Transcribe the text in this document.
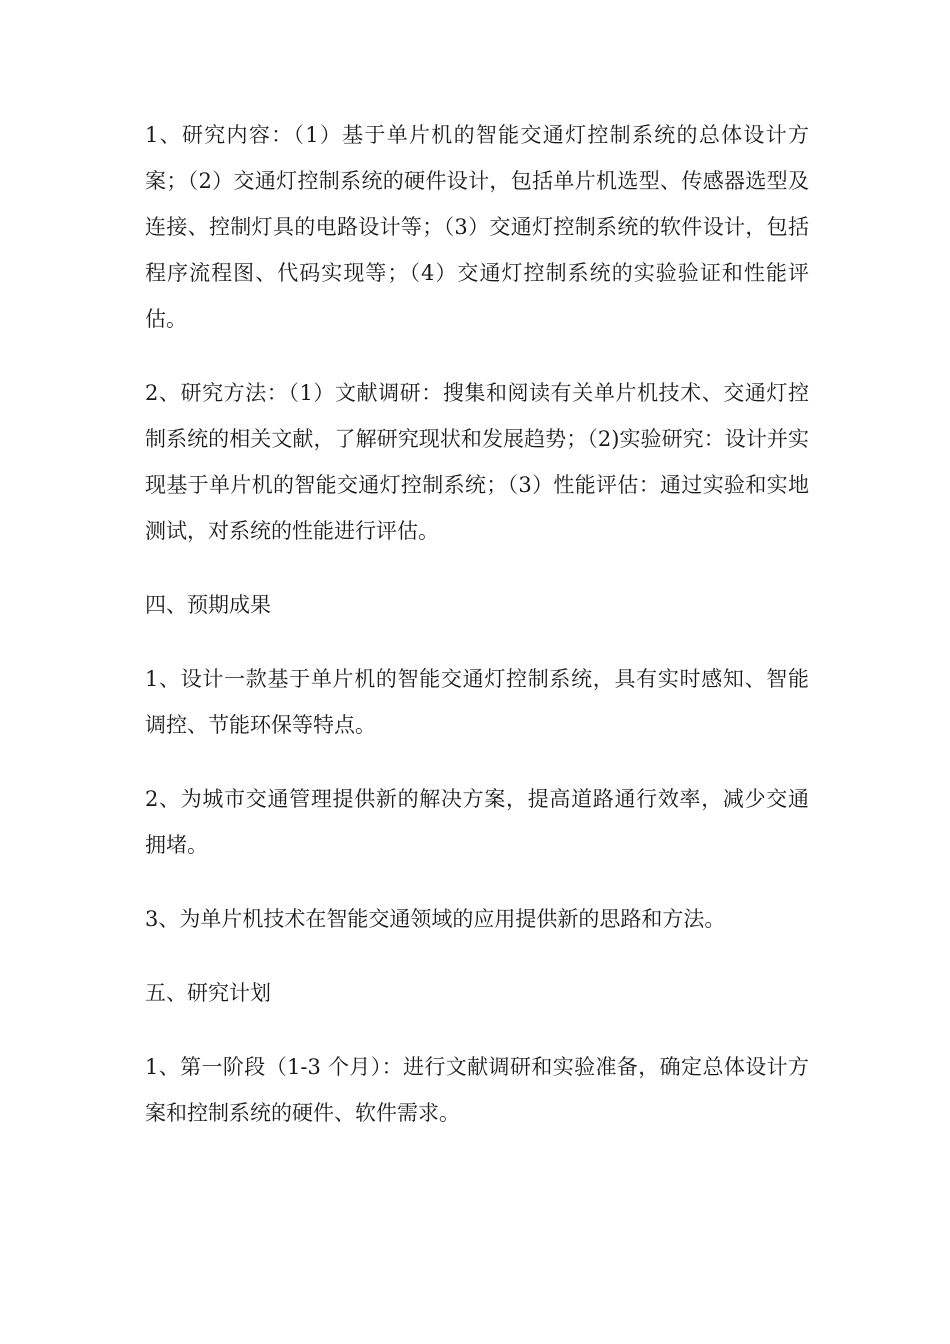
1、研究内容：（1）基于单片机的智能交通灯控制系统的总体设计方案；（2）交通灯控制系统的硬件设计，包括单片机选型、传感器选型及连接、控制灯具的电路设计等；（3）交通灯控制系统的软件设计，包括程序流程图、代码实现等；（4）交通灯控制系统的实验验证和性能评估。

2、研究方法：（1）文献调研：搜集和阅读有关单片机技术、交通灯控制系统的相关文献，了解研究现状和发展趋势；（2)实验研究：设计并实现基于单片机的智能交通灯控制系统；（3）性能评估：通过实验和实地测试，对系统的性能进行评估。

四、预期成果

1、设计一款基于单片机的智能交通灯控制系统，具有实时感知、智能调控、节能环保等特点。

2、为城市交通管理提供新的解决方案，提高道路通行效率，减少交通拥堵。

3、为单片机技术在智能交通领域的应用提供新的思路和方法。

五、研究计划

1、第一阶段（1-3 个月）：进行文献调研和实验准备，确定总体设计方案和控制系统的硬件、软件需求。
